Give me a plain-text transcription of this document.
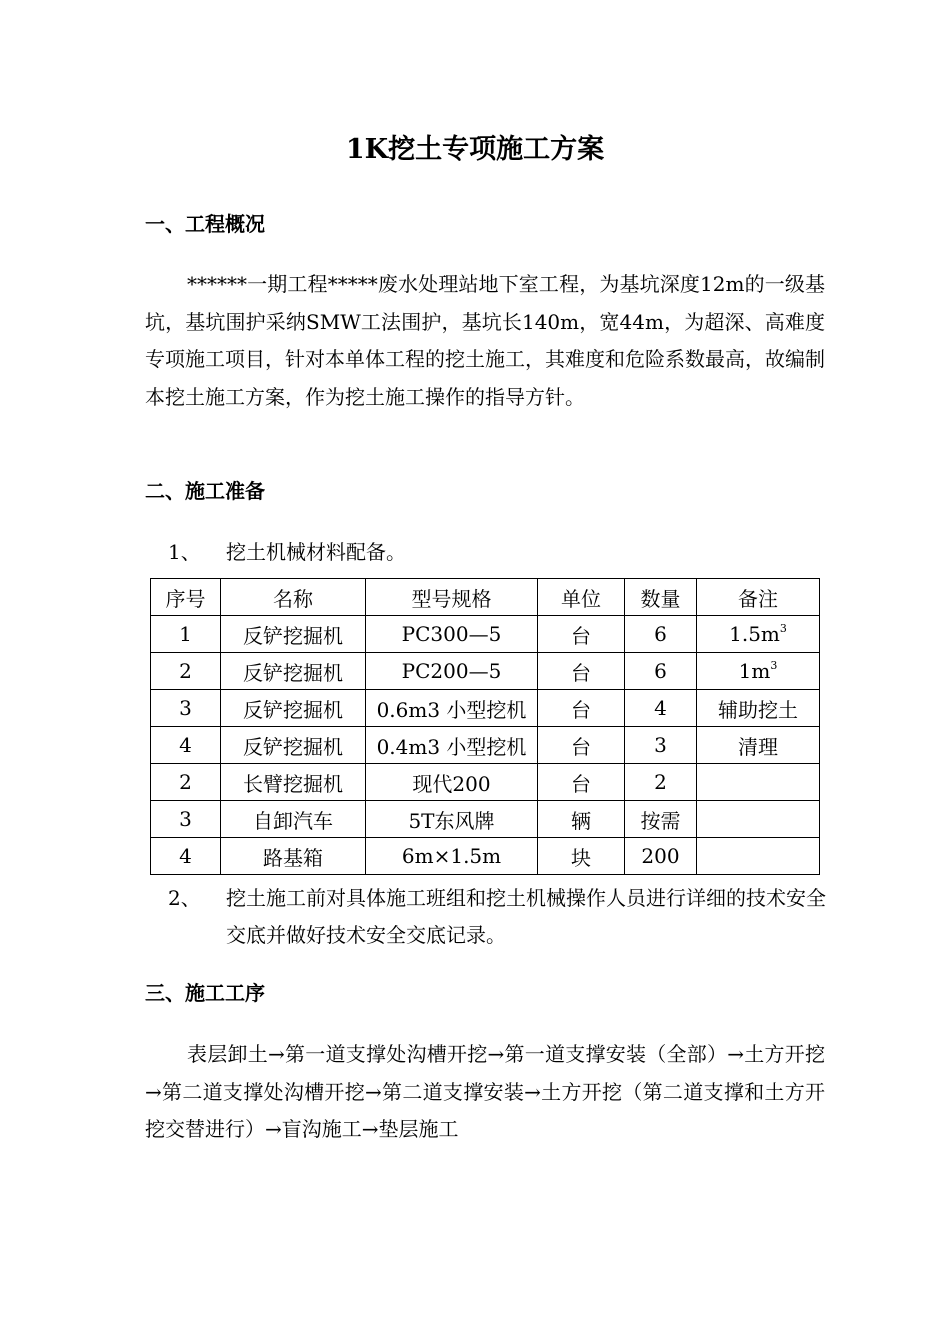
1K挖土专项施工方案
一、工程概况
******一期工程*****废水处理站地下室工程，为基坑深度12m的一级基坑，基坑围护采纳SMW工法围护，基坑长140m，宽44m，为超深、高难度专项施工项目，针对本单体工程的挖土施工，其难度和危险系数最高，故编制本挖土施工方案，作为挖土施工操作的指导方针。
二、施工准备
1、 挖土机械材料配备。
序号	名称	型号规格	单位	数量	备注
1	反铲挖掘机	PC300—5	台	6	$1.5m^3$
2	反铲挖掘机	PC200—5	台	6	$1m^3$
3	反铲挖掘机	0.6m3 小型挖机	台	4	辅助挖土
4	反铲挖掘机	0.4m3 小型挖机	台	3	清理
2	长臂挖掘机	现代200	台	2	
3	自卸汽车	5T东风牌	辆	按需	
4	路基箱	6m×1.5m	块	200	
2、 挖土施工前对具体施工班组和挖土机械操作人员进行详细的技术安全交底并做好技术安全交底记录。
三、施工工序
表层卸土→第一道支撑处沟槽开挖→第一道支撑安装（全部）→土方开挖→第二道支撑处沟槽开挖→第二道支撑安装→土方开挖（第二道支撑和土方开挖交替进行）→盲沟施工→垫层施工
